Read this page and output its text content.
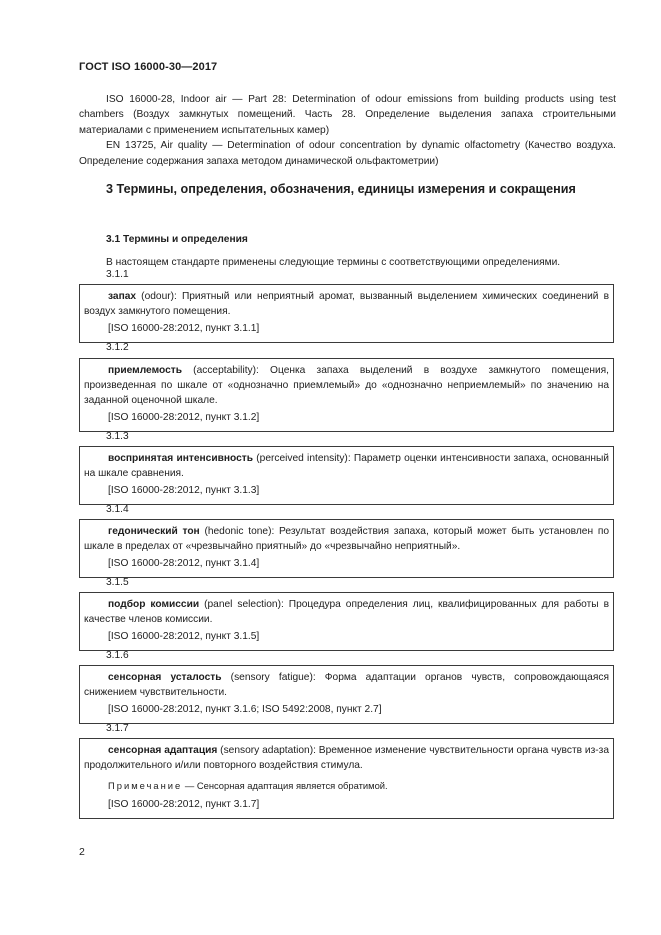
ГОСТ ISO 16000-30—2017

ISO 16000-28, Indoor air — Part 28: Determination of odour emissions from building products using test chambers (Воздух замкнутых помещений. Часть 28. Определение выделения запаха строительными материалами с применением испытательных камер)

EN 13725, Air quality — Determination of odour concentration by dynamic olfactometry (Качество воздуха. Определение содержания запаха методом динамической ольфактометрии)

3 Термины, определения, обозначения, единицы измерения и сокращения
3.1 Термины и определения
В настоящем стандарте применены следующие термины с соответствующими определениями.
3.1.1

запах (odour): Приятный или неприятный аромат, вызванный выделением химических соединений в воздух замкнутого помещения.

[ISO 16000-28:2012, пункт 3.1.1]

3.1.2

приемлемость (acceptability): Оценка запаха выделений в воздухе замкнутого помещения, произведенная по шкале от «однозначно приемлемый» до «однозначно неприемлемый» по значению на заданной оценочной шкале.

[ISO 16000-28:2012, пункт 3.1.2]

3.1.3

воспринятая интенсивность (perceived intensity): Параметр оценки интенсивности запаха, основанный на шкале сравнения.

[ISO 16000-28:2012, пункт 3.1.3]

3.1.4

гедонический тон (hedonic tone): Результат воздействия запаха, который может быть установлен по шкале в пределах от «чрезвычайно приятный» до «чрезвычайно неприятный».

[ISO 16000-28:2012, пункт 3.1.4]

3.1.5

подбор комиссии (panel selection): Процедура определения лиц, квалифицированных для работы в качестве членов комиссии.

[ISO 16000-28:2012, пункт 3.1.5]

3.1.6

сенсорная усталость (sensory fatigue): Форма адаптации органов чувств, сопровождающаяся снижением чувствительности.

[ISO 16000-28:2012, пункт 3.1.6; ISO 5492:2008, пункт 2.7]

3.1.7

сенсорная адаптация (sensory adaptation): Временное изменение чувствительности органа чувств из-за продолжительного и/или повторного воздействия стимула.

Примечание — Сенсорная адаптация является обратимой.

[ISO 16000-28:2012, пункт 3.1.7]

2
